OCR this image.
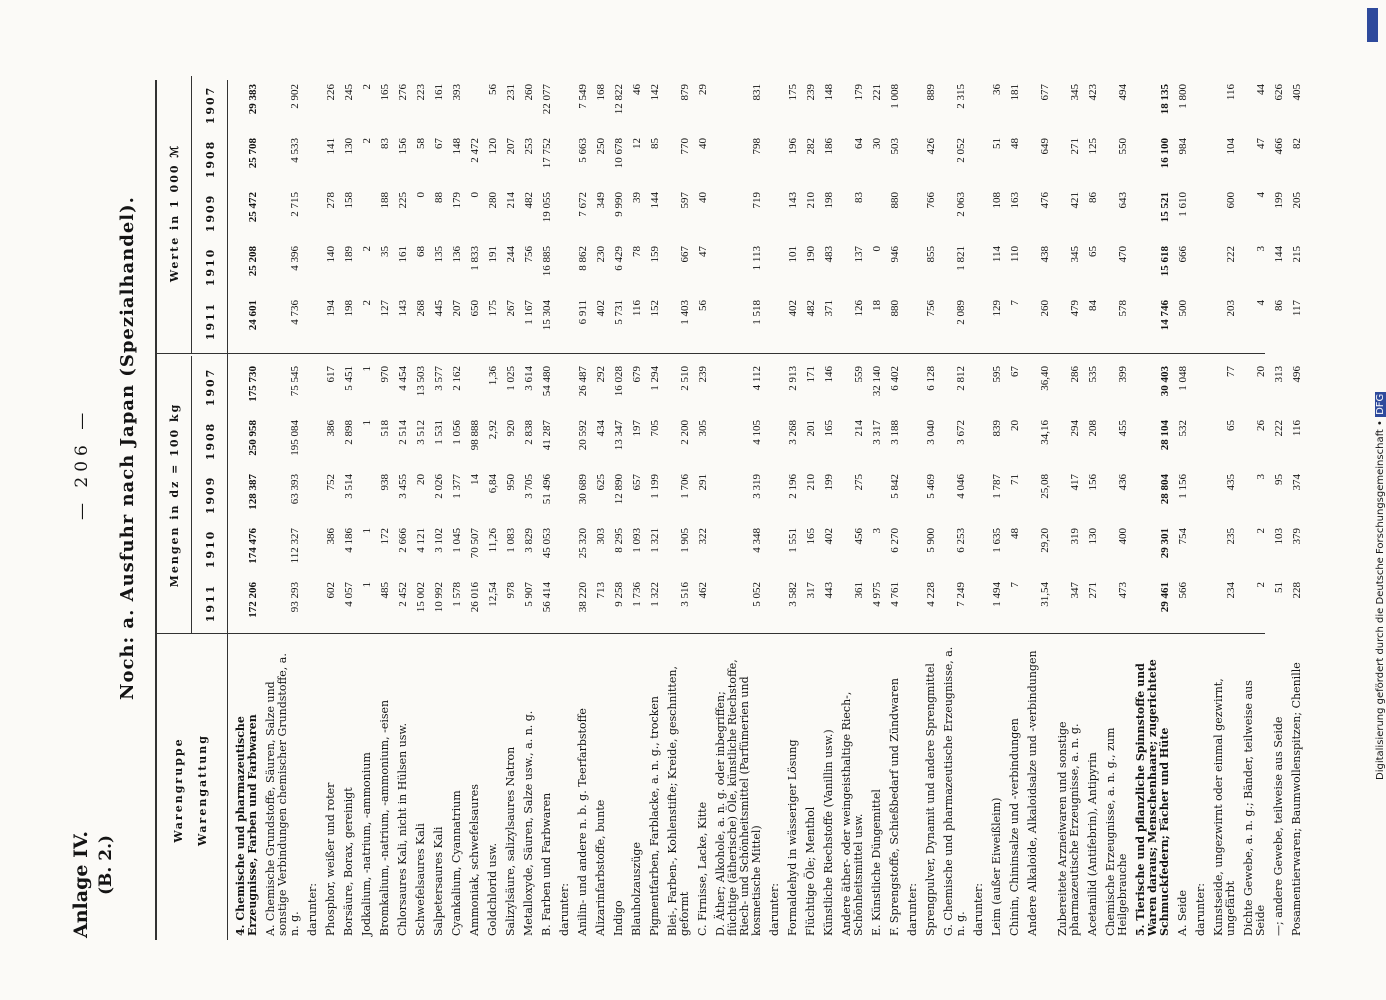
Anlage IV. (B. 2.)
— 206 — Noch: a. Ausfuhr nach Japan (Spezialhandel).	Digitalisierung gefördert durch die Deutsche Forschungsgemeinschaft • DFG
Warengruppe Warengattung
Mengen in dz = 100 kg
Werte in 1 000 ℳ
1911
1910
1909
1908
1907
1911
1910
1909
1908
1907
4. Chemische und pharmazeutische Erzeugnisse, Farben und Farbwaren
172 206
174 476
128 387
250 958
175 730
24 601
25 208
25 472
25 708
29 383
A. Chemische Grundstoffe, Säuren, Salze und sonstige Verbindungen chemischer Grundstoffe, a. n. g.
93 293
112 327
63 393
195 084
75 545
4 736
4 396
2 715
4 533
2 902
darunter: Phosphor, weißer und roter
602
386
752
386
617
194
140
278
141
226
Borsäure, Borax, gereinigt
4 057
4 186
3 514
2 898
5 451
198
189
158
130
245
Jodkalium, -natrium, -ammonium
1
1
1
1
2
2
2
2
Bromkalium, -natrium, -ammonium, -eisen
485
172
938
518
970
127
35
188
83
165
Chlorsaures Kali, nicht in Hülsen usw.
2 452
2 666
3 455
2 514
4 454
143
161
225
156
276
Schwefelsaures Kali
15 002
4 121
20
3 512
13 503
268
68
0
58
223
Salpetersaures Kali
10 992
3 102
2 026
1 531
3 577
445
135
88
67
161
Cyankalium, Cyannatrium
1 578
1 045
1 377
1 056
2 162
207
136
179
148
393
Ammoniak, schwefelsaures
26 016
70 507
14
98 888
650
1 833
0
2 472
Goldchlorid usw.
12,54
11,26
6,84
2,92
1,36
175
191
280
120
56
Salizylsäure, salizylsaures Natron
978
1 083
950
920
1 025
267
244
214
207
231
Metalloxyde, Säuren, Salze usw., a. n. g.
5 907
3 829
3 705
2 838
3 614
1 167
756
482
253
260
B. Farben und Farbwaren
56 414
45 053
51 496
41 287
54 480
15 304
16 885
19 055
17 752
22 077
darunter: Anilin- und andere n. b. g. Teerfarbstoffe
38 220
25 320
30 689
20 592
26 487
6 911
8 862
7 672
5 663
7 549
Alizarinfarbstoffe, bunte
713
303
625
434
292
402
230
349
250
168
Indigo
9 258
8 295
12 890
13 347
16 028
5 731
6 429
9 990
10 678
12 822
Blauholzauszüge
1 736
1 093
657
197
679
116
78
39
12
46
Pigmentfarben, Farblacke, a. n. g., trocken
1 322
1 321
1 199
705
1 294
152
159
144
85
142
Blei-, Farben-, Kohlenstifte; Kreide, geschnitten, geformt
3 516
1 905
1 706
2 200
2 510
1 403
667
597
770
879
C. Firnisse, Lacke, Kitte
462
322
291
305
239
56
47
40
40
29
D. Äther; Alkohole, a. n. g. oder inbegriffen; flüchtige (ätherische) Öle, künstliche Riechstoffe, Riech- und Schönheitsmittel (Parfümerien und kosmetische Mittel)
5 052
4 348
3 319
4 105
4 112
1 518
1 113
719
798
831
darunter: Formaldehyd in wässeriger Lösung
3 582
1 551
2 196
3 268
2 913
402
101
143
196
175
Flüchtige Öle; Menthol
317
165
210
201
171
482
190
210
282
239
Künstliche Riechstoffe (Vanillin usw.)
443
402
199
165
146
371
483
198
186
148
Andere äther- oder weingeisthaltige Riech-, Schönheitsmittel usw.
361
456
275
214
559
126
137
83
64
179
E. Künstliche Düngemittel
4 975
3
3 317
32 140
18
0
30
221
F. Sprengstoffe, Schießbedarf und Zündwaren
4 761
6 270
5 842
3 188
6 402
880
946
880
503
1 008
darunter: Sprengpulver, Dynamit und andere Sprengmittel
4 228
5 900
5 469
3 040
6 128
756
855
766
426
889
G. Chemische und pharmazeutische Erzeugnisse, a. n. g.
7 249
6 253
4 046
3 672
2 812
2 089
1 821
2 063
2 052
2 315
darunter: Leim (außer Eiweißleim)
1 494
1 635
1 787
839
595
129
114
108
51
36
Chinin, Chininsalze und -verbindungen
7
48
71
20
67
7
110
163
48
181
Andere Alkaloide, Alkaloidsalze und -verbindungen
31,54
29,20
25,08
34,16
36,40
260
438
476
649
677
Zubereitete Arzneiwaren und sonstige pharmazeutische Erzeugnisse, a. n. g.
347
319
417
294
286
479
345
421
271
345
Acetanilid (Antifebrin), Antipyrin
271
130
156
208
535
84
65
86
125
423
Chemische Erzeugnisse, a. n. g., zum Heilgebrauche
473
400
436
455
399
578
470
643
550
494
5. Tierische und pflanzliche Spinnstoffe und Waren daraus; Menschenhaare; zugerichtete Schmuckfedern; Fächer und Hüte
29 461
29 301
28 804
28 104
30 403
14 746
15 618
15 521
16 100
18 135
A. Seide
566
754
1 156
532
1 048
500
666
1 610
984
1 800
darunter: Kunstseide, ungezwirnt oder einmal gezwirnt, ungefärbt
234
235
435
65
77
203
222
600
104
116
Dichte Gewebe, a. n. g.; Bänder, teilweise aus Seide
2
2
3
26
20
4
3
4
47
44
—; andere Gewebe, teilweise aus Seide
51
103
95
222
313
86
144
199
466
626
Posamentierwaren; Baumwollenspitzen; Chenille
228
379
374
116
496
117
215
205
82
405
